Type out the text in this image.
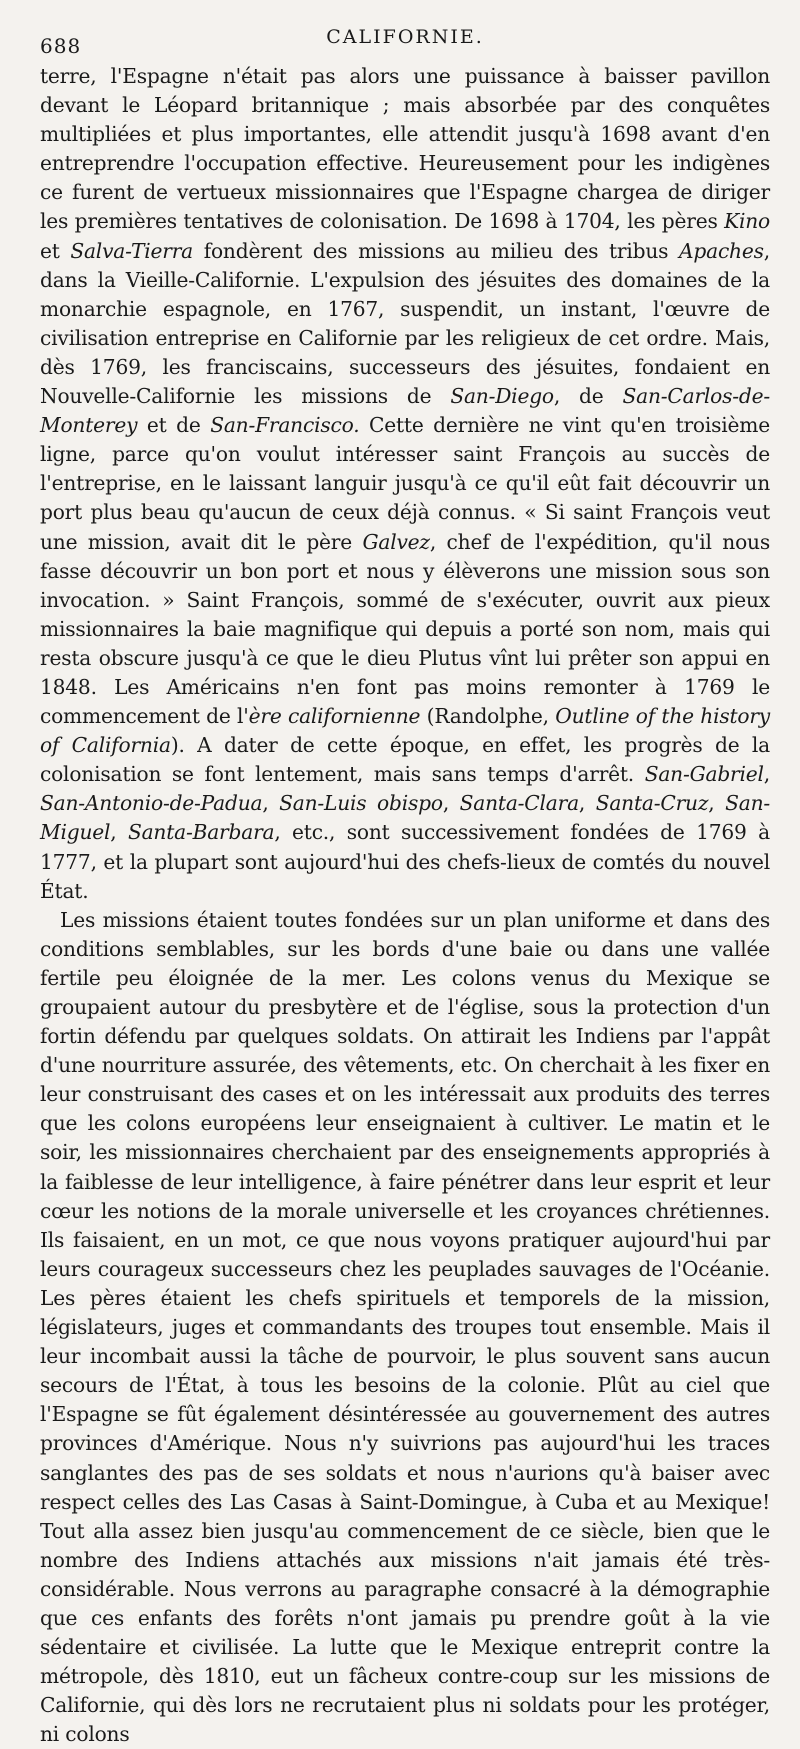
688	CALIFORNIE.

terre, l'Espagne n'était pas alors une puissance à baisser pavillon devant le Léopard britannique ; mais absorbée par des conquêtes multipliées et plus importantes, elle attendit jusqu'à 1698 avant d'en entreprendre l'occupation effective. Heureusement pour les indigènes ce furent de vertueux missionnaires que l'Espagne chargea de diriger les premières tentatives de colonisation. De 1698 à 1704, les pères Kino et Salva-Tierra fondèrent des missions au milieu des tribus Apaches, dans la Vieille-Californie. L'expulsion des jésuites des domaines de la monarchie espagnole, en 1767, suspendit, un instant, l'œuvre de civilisation entreprise en Californie par les religieux de cet ordre. Mais, dès 1769, les franciscains, successeurs des jésuites, fondaient en Nouvelle-Californie les missions de San-Diego, de San-Carlos-de-Monterey et de San-Francisco. Cette dernière ne vint qu'en troisième ligne, parce qu'on voulut intéresser saint François au succès de l'entreprise, en le laissant languir jusqu'à ce qu'il eût fait découvrir un port plus beau qu'aucun de ceux déjà connus. « Si saint François veut une mission, avait dit le père Galvez, chef de l'expédition, qu'il nous fasse découvrir un bon port et nous y élèverons une mission sous son invocation. » Saint François, sommé de s'exécuter, ouvrit aux pieux missionnaires la baie magnifique qui depuis a porté son nom, mais qui resta obscure jusqu'à ce que le dieu Plutus vînt lui prêter son appui en 1848. Les Américains n'en font pas moins remonter à 1769 le commencement de l'ère californienne (Randolphe, Outline of the history of California). A dater de cette époque, en effet, les progrès de la colonisation se font lentement, mais sans temps d'arrêt. San-Gabriel, San-Antonio-de-Padua, San-Luis obispo, Santa-Clara, Santa-Cruz, San-Miguel, Santa-Barbara, etc., sont successivement fondées de 1769 à 1777, et la plupart sont aujourd'hui des chefs-lieux de comtés du nouvel État.

Les missions étaient toutes fondées sur un plan uniforme et dans des conditions semblables, sur les bords d'une baie ou dans une vallée fertile peu éloignée de la mer. Les colons venus du Mexique se groupaient autour du presbytère et de l'église, sous la protection d'un fortin défendu par quelques soldats. On attirait les Indiens par l'appât d'une nourriture assurée, des vêtements, etc. On cherchait à les fixer en leur construisant des cases et on les intéressait aux produits des terres que les colons européens leur enseignaient à cultiver. Le matin et le soir, les missionnaires cherchaient par des enseignements appropriés à la faiblesse de leur intelligence, à faire pénétrer dans leur esprit et leur cœur les notions de la morale universelle et les croyances chrétiennes. Ils faisaient, en un mot, ce que nous voyons pratiquer aujourd'hui par leurs courageux successeurs chez les peuplades sauvages de l'Océanie. Les pères étaient les chefs spirituels et temporels de la mission, législateurs, juges et commandants des troupes tout ensemble. Mais il leur incombait aussi la tâche de pourvoir, le plus souvent sans aucun secours de l'État, à tous les besoins de la colonie. Plût au ciel que l'Espagne se fût également désintéressée au gouvernement des autres provinces d'Amérique. Nous n'y suivrions pas aujourd'hui les traces sanglantes des pas de ses soldats et nous n'aurions qu'à baiser avec respect celles des Las Casas à Saint-Domingue, à Cuba et au Mexique! Tout alla assez bien jusqu'au commencement de ce siècle, bien que le nombre des Indiens attachés aux missions n'ait jamais été très-considérable. Nous verrons au paragraphe consacré à la démographie que ces enfants des forêts n'ont jamais pu prendre goût à la vie sédentaire et civilisée. La lutte que le Mexique entreprit contre la métropole, dès 1810, eut un fâcheux contre-coup sur les missions de Californie, qui dès lors ne recrutaient plus ni soldats pour les protéger, ni colons
